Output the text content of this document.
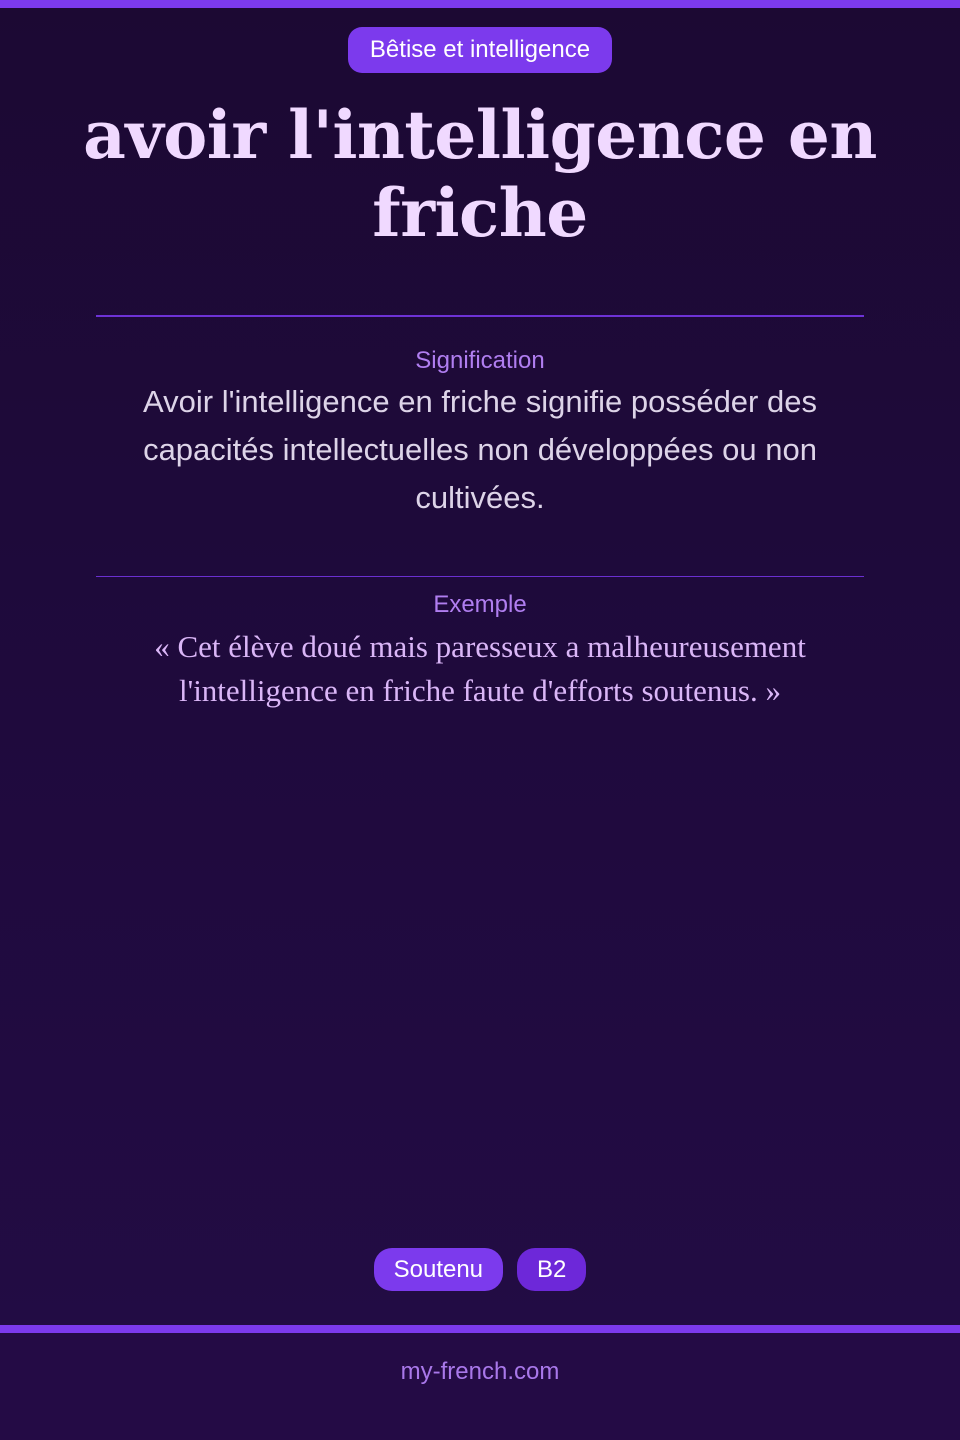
Bêtise et intelligence
avoir l'intelligence en friche
Signification

Avoir l'intelligence en friche signifie posséder des capacités intellectuelles non développées ou non cultivées.

Exemple

« Cet élève doué mais paresseux a malheureusement l'intelligence en friche faute d'efforts soutenus. »

Soutenu	B2
my-french.com
